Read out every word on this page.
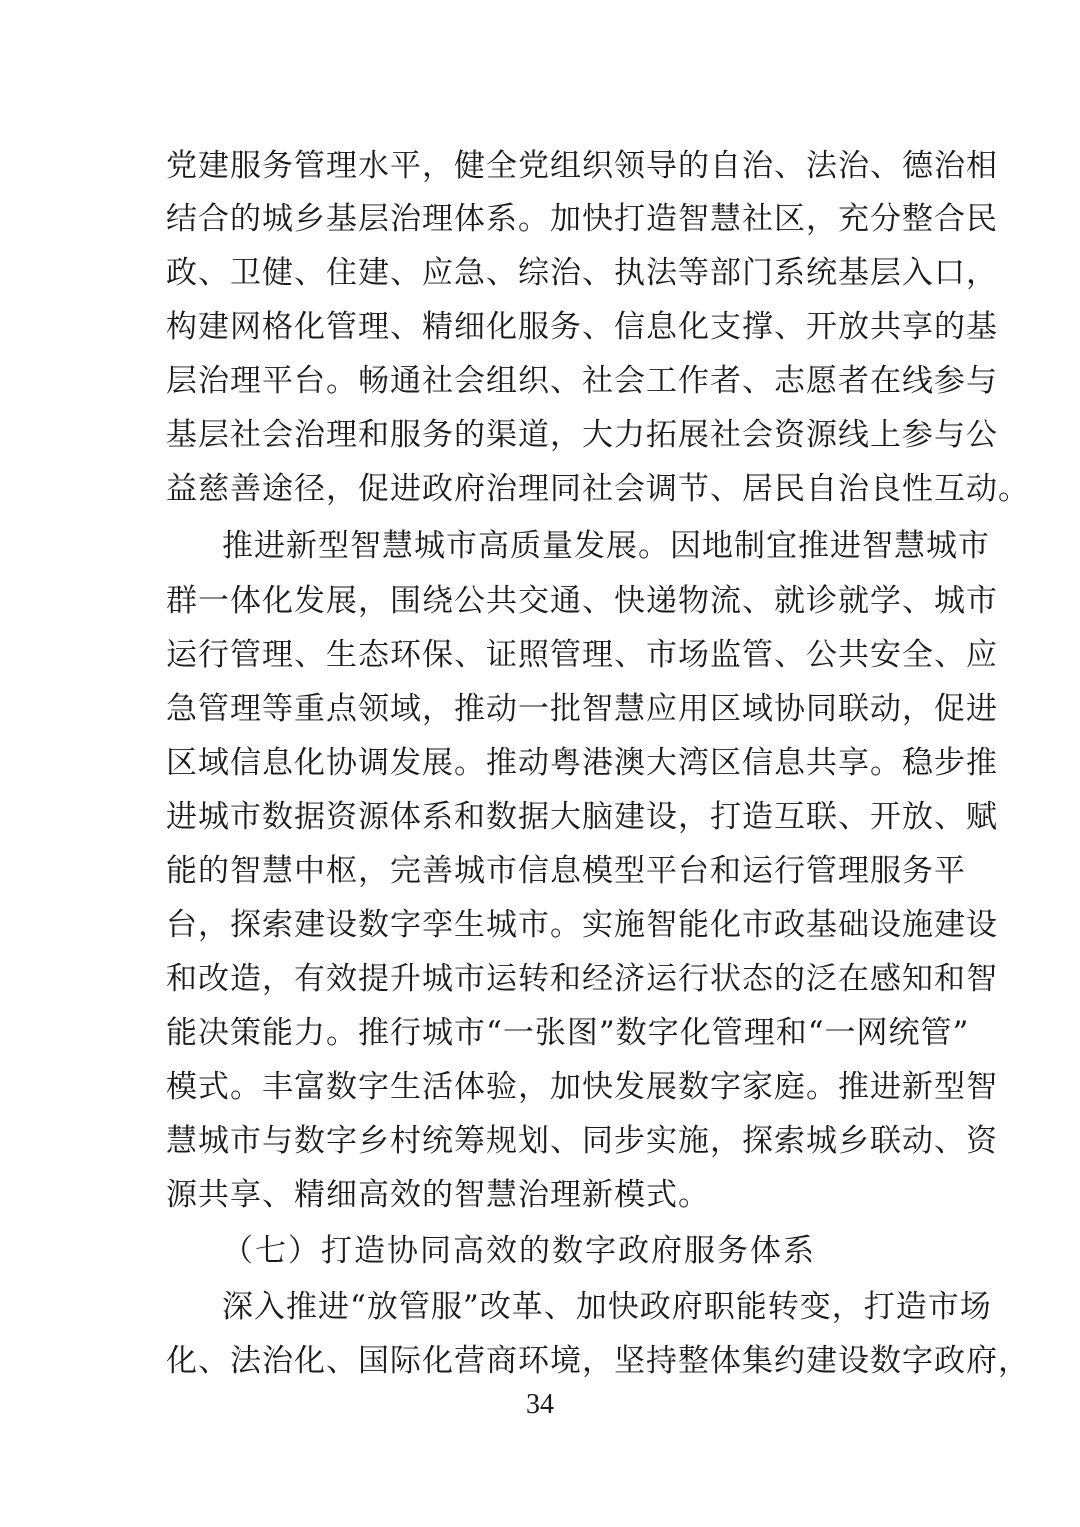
党建服务管理水平，健全党组织领导的自治、法治、德治相
结合的城乡基层治理体系。加快打造智慧社区，充分整合民
政、卫健、住建、应急、综治、执法等部门系统基层入口，
构建网格化管理、精细化服务、信息化支撑、开放共享的基
层治理平台。畅通社会组织、社会工作者、志愿者在线参与
基层社会治理和服务的渠道，大力拓展社会资源线上参与公
益慈善途径，促进政府治理同社会调节、居民自治良性互动。
推进新型智慧城市高质量发展。因地制宜推进智慧城市
群一体化发展，围绕公共交通、快递物流、就诊就学、城市
运行管理、生态环保、证照管理、市场监管、公共安全、应
急管理等重点领域，推动一批智慧应用区域协同联动，促进
区域信息化协调发展。推动粤港澳大湾区信息共享。稳步推
进城市数据资源体系和数据大脑建设，打造互联、开放、赋
能的智慧中枢，完善城市信息模型平台和运行管理服务平
台，探索建设数字孪生城市。实施智能化市政基础设施建设
和改造，有效提升城市运转和经济运行状态的泛在感知和智
能决策能力。推行城市“一张图”数字化管理和“一网统管”
模式。丰富数字生活体验，加快发展数字家庭。推进新型智
慧城市与数字乡村统筹规划、同步实施，探索城乡联动、资
源共享、精细高效的智慧治理新模式。
（七）打造协同高效的数字政府服务体系
深入推进“放管服”改革、加快政府职能转变，打造市场
化、法治化、国际化营商环境，坚持整体集约建设数字政府，
34
